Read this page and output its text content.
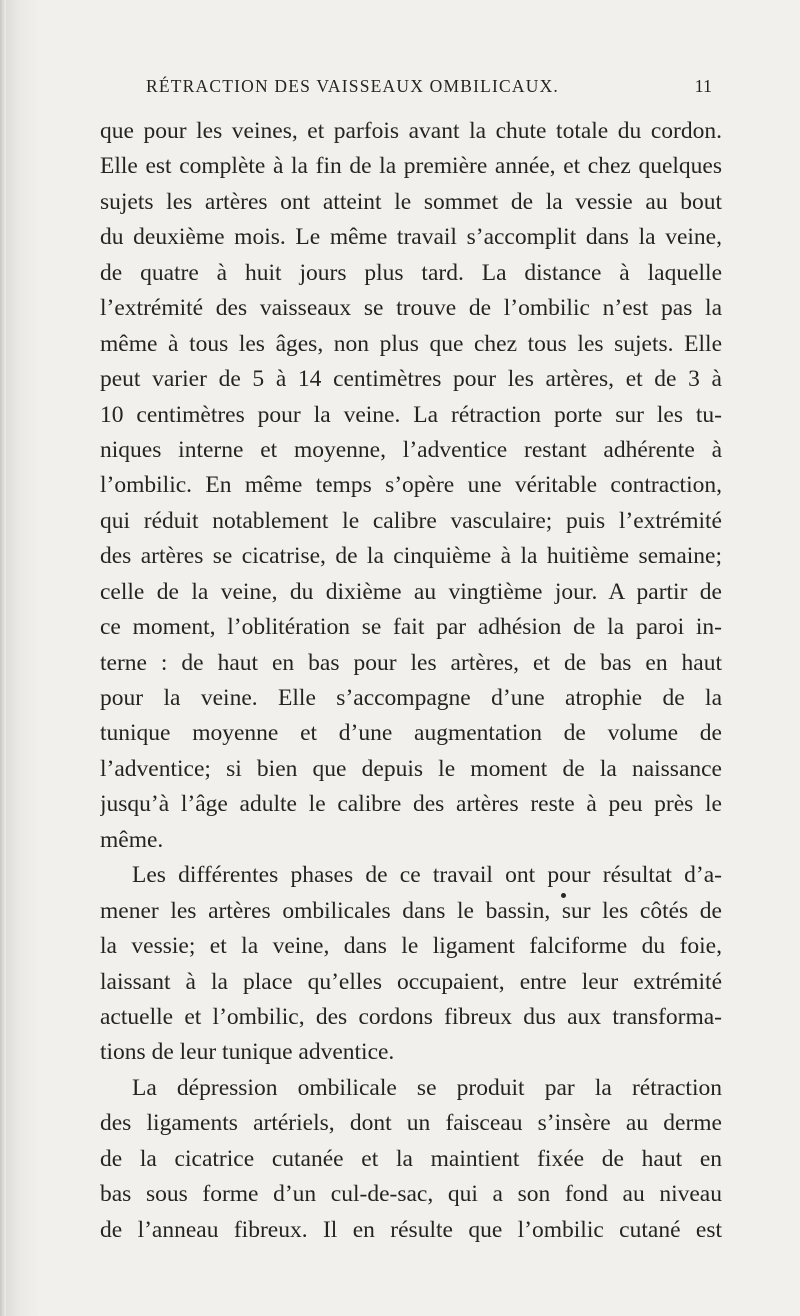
RÉTRACTION DES VAISSEAUX OMBILICAUX.	11
que pour les veines, et parfois avant la chute totale du cordon.
Elle est complète à la fin de la première année, et chez quelques
sujets les artères ont atteint le sommet de la vessie au bout
du deuxième mois. Le même travail s’accomplit dans la veine,
de quatre à huit jours plus tard. La distance à laquelle
l’extrémité des vaisseaux se trouve de l’ombilic n’est pas la
même à tous les âges, non plus que chez tous les sujets. Elle
peut varier de 5 à 14 centimètres pour les artères, et de 3 à
10 centimètres pour la veine. La rétraction porte sur les tu-
niques interne et moyenne, l’adventice restant adhérente à
l’ombilic. En même temps s’opère une véritable contraction,
qui réduit notablement le calibre vasculaire; puis l’extrémité
des artères se cicatrise, de la cinquième à la huitième semaine;
celle de la veine, du dixième au vingtième jour. A partir de
ce moment, l’oblitération se fait par adhésion de la paroi in-
terne : de haut en bas pour les artères, et de bas en haut
pour la veine. Elle s’accompagne d’une atrophie de la
tunique moyenne et d’une augmentation de volume de
l’adventice; si bien que depuis le moment de la naissance
jusqu’à l’âge adulte le calibre des artères reste à peu près le
même.
Les différentes phases de ce travail ont pour résultat d’a-
mener les artères ombilicales dans le bassin, sur les côtés de
la vessie; et la veine, dans le ligament falciforme du foie,
laissant à la place qu’elles occupaient, entre leur extrémité
actuelle et l’ombilic, des cordons fibreux dus aux transforma-
tions de leur tunique adventice.
La dépression ombilicale se produit par la rétraction
des ligaments artériels, dont un faisceau s’insère au derme
de la cicatrice cutanée et la maintient fixée de haut en
bas sous forme d’un cul-de-sac, qui a son fond au niveau
de l’anneau fibreux. Il en résulte que l’ombilic cutané est
